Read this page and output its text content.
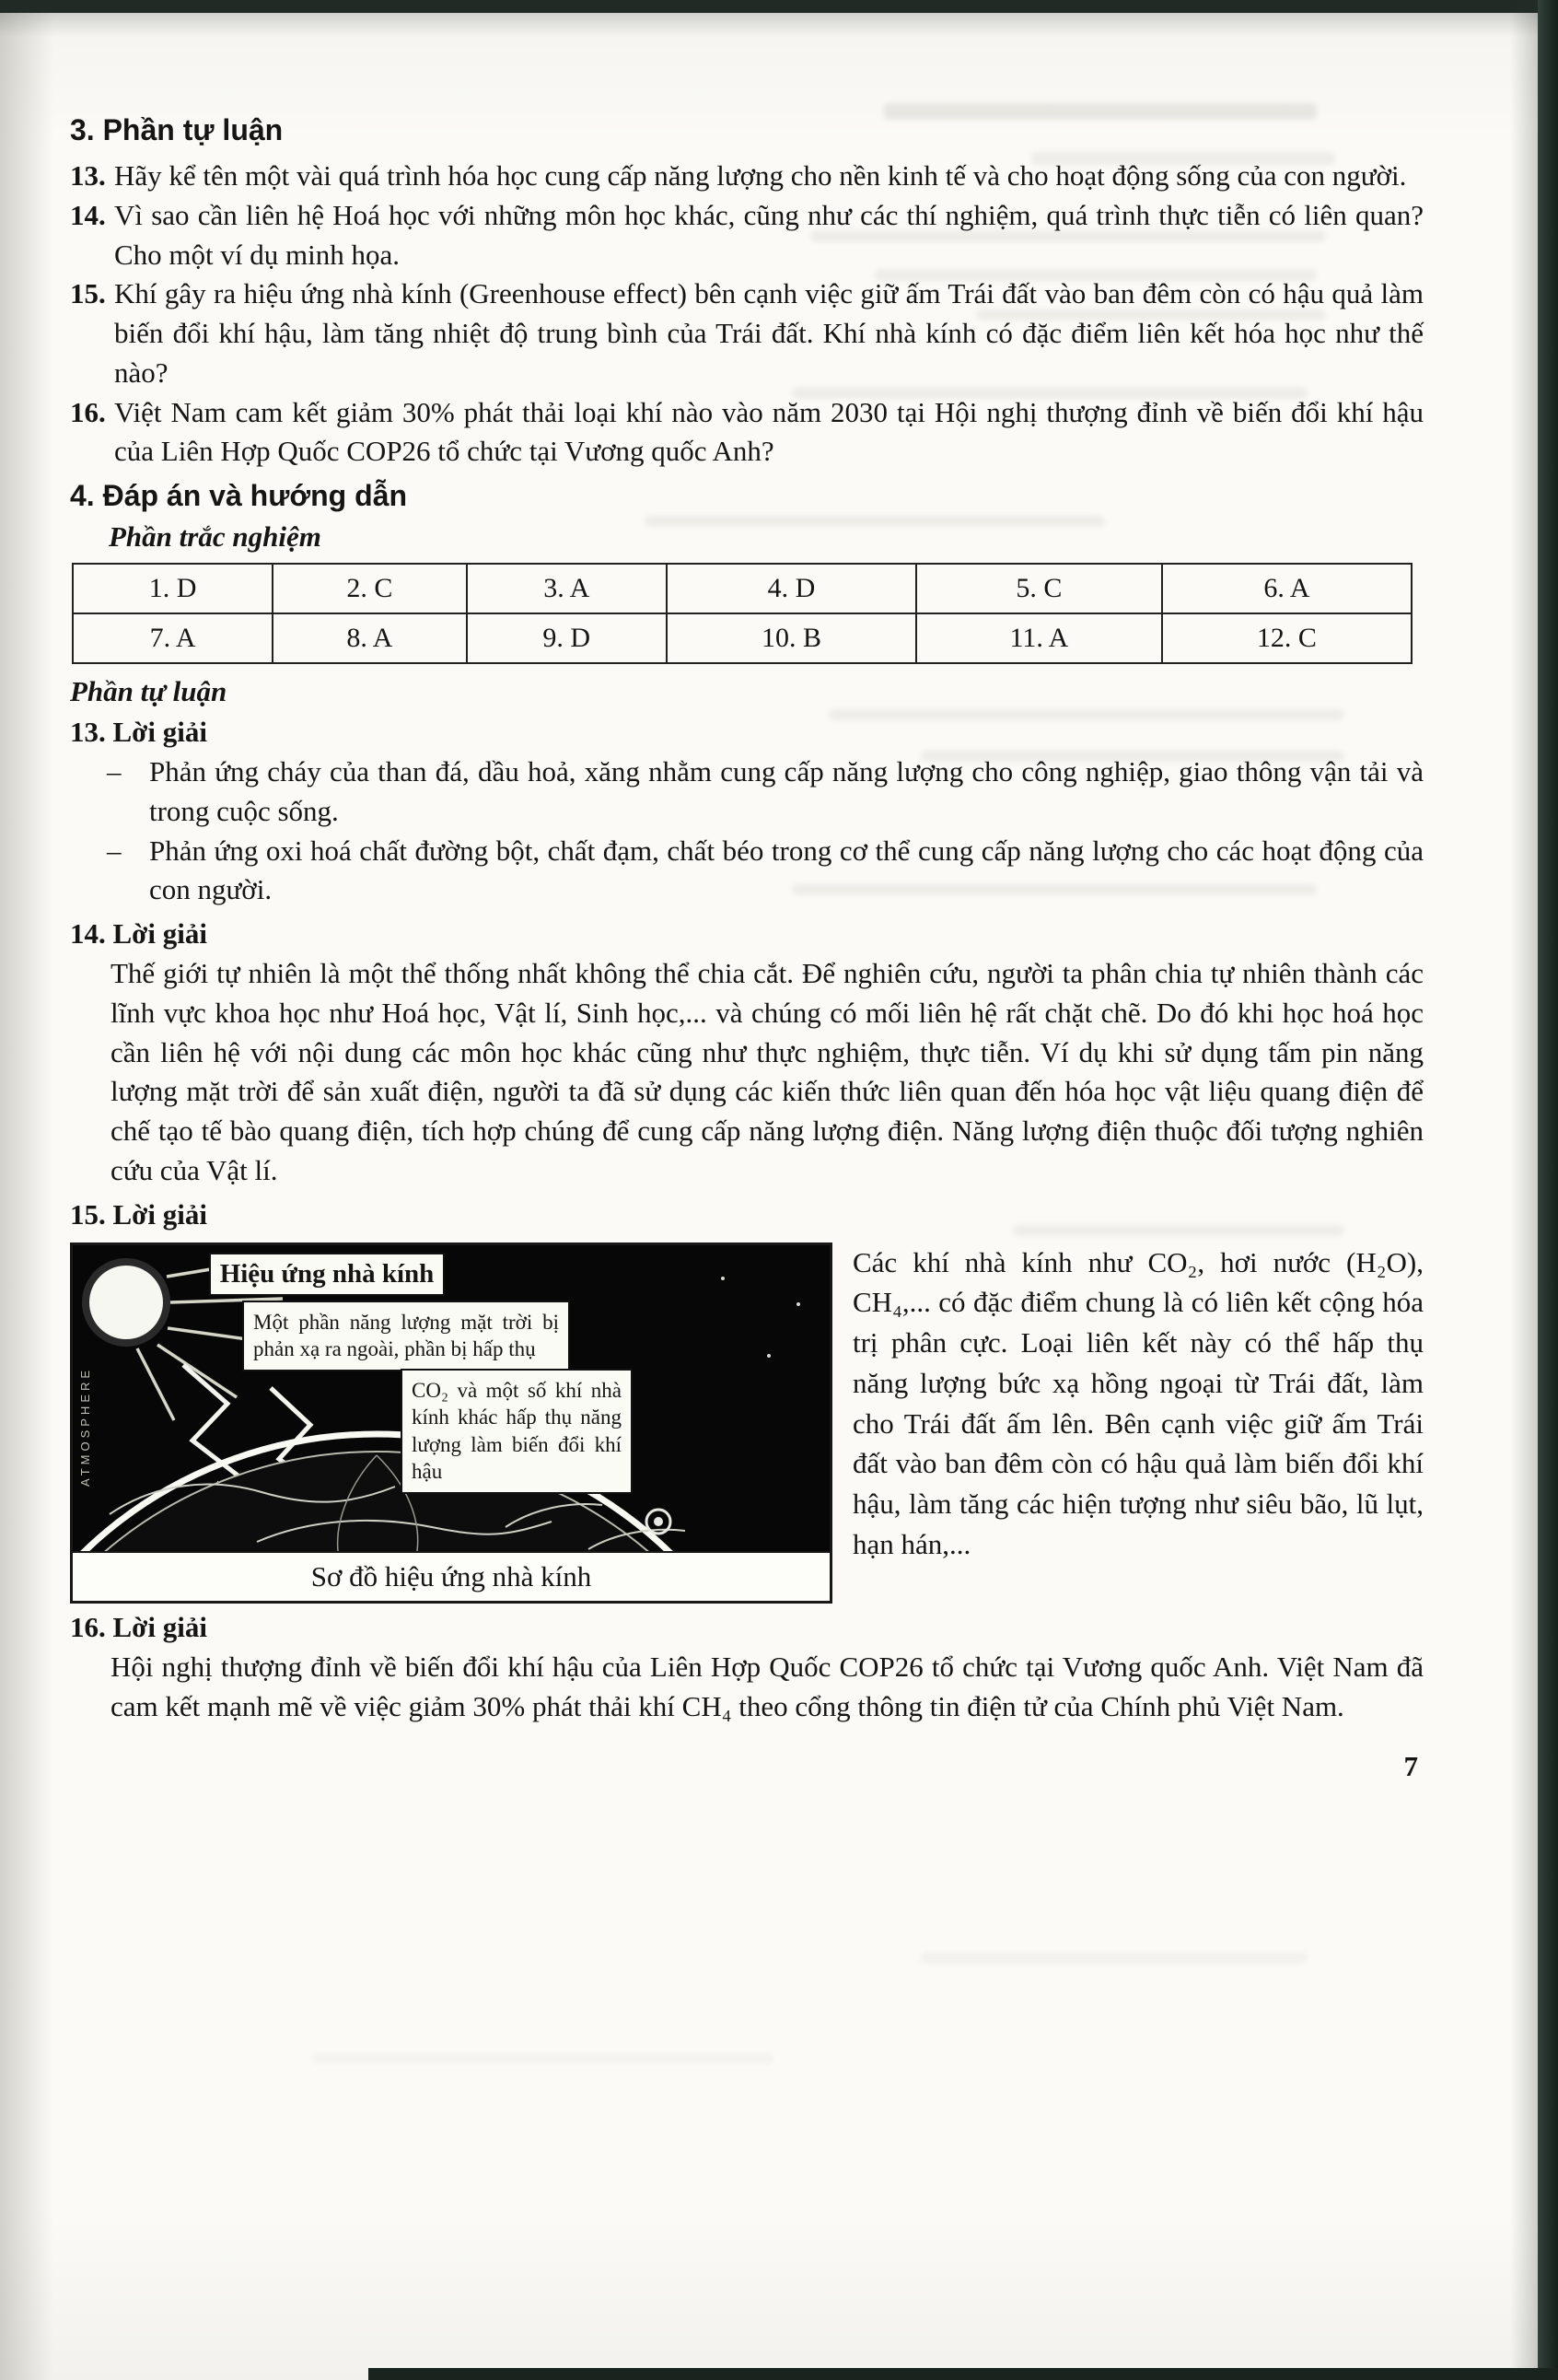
3. Phần tự luận
13. Hãy kể tên một vài quá trình hóa học cung cấp năng lượng cho nền kinh tế và cho hoạt động sống của con người.
14. Vì sao cần liên hệ Hoá học với những môn học khác, cũng như các thí nghiệm, quá trình thực tiễn có liên quan? Cho một ví dụ minh họa.
15. Khí gây ra hiệu ứng nhà kính (Greenhouse effect) bên cạnh việc giữ ấm Trái đất vào ban đêm còn có hậu quả làm biến đổi khí hậu, làm tăng nhiệt độ trung bình của Trái đất. Khí nhà kính có đặc điểm liên kết hóa học như thế nào?
16. Việt Nam cam kết giảm 30% phát thải loại khí nào vào năm 2030 tại Hội nghị thượng đỉnh về biến đổi khí hậu của Liên Hợp Quốc COP26 tổ chức tại Vương quốc Anh?
4. Đáp án và hướng dẫn
Phần trắc nghiệm
1. D	2. C	3. A	4. D	5. C	6. A
7. A	8. A	9. D	10. B	11. A	12. C
Phần tự luận
13. Lời giải
– Phản ứng cháy của than đá, dầu hoả, xăng nhằm cung cấp năng lượng cho công nghiệp, giao thông vận tải và trong cuộc sống.
– Phản ứng oxi hoá chất đường bột, chất đạm, chất béo trong cơ thể cung cấp năng lượng cho các hoạt động của con người.
14. Lời giải
Thế giới tự nhiên là một thể thống nhất không thể chia cắt. Để nghiên cứu, người ta phân chia tự nhiên thành các lĩnh vực khoa học như Hoá học, Vật lí, Sinh học,... và chúng có mối liên hệ rất chặt chẽ. Do đó khi học hoá học cần liên hệ với nội dung các môn học khác cũng như thực nghiệm, thực tiễn. Ví dụ khi sử dụng tấm pin năng lượng mặt trời để sản xuất điện, người ta đã sử dụng các kiến thức liên quan đến hóa học vật liệu quang điện để chế tạo tế bào quang điện, tích hợp chúng để cung cấp năng lượng điện. Năng lượng điện thuộc đối tượng nghiên cứu của Vật lí.
15. Lời giải
ATMOSPHERE
Hiệu ứng nhà kính
Một phần năng lượng mặt trời bị phản xạ ra ngoài, phần bị hấp thụ
CO₂ và một số khí nhà kính khác hấp thụ năng lượng làm biến đổi khí hậu
Sơ đồ hiệu ứng nhà kính
Các khí nhà kính như CO₂, hơi nước (H₂O), CH₄,... có đặc điểm chung là có liên kết cộng hóa trị phân cực. Loại liên kết này có thể hấp thụ năng lượng bức xạ hồng ngoại từ Trái đất, làm cho Trái đất ấm lên. Bên cạnh việc giữ ấm Trái đất vào ban đêm còn có hậu quả làm biến đổi khí hậu, làm tăng các hiện tượng như siêu bão, lũ lụt, hạn hán,...
16. Lời giải
Hội nghị thượng đỉnh về biến đổi khí hậu của Liên Hợp Quốc COP26 tổ chức tại Vương quốc Anh. Việt Nam đã cam kết mạnh mẽ về việc giảm 30% phát thải khí CH₄ theo cổng thông tin điện tử của Chính phủ Việt Nam.
7
